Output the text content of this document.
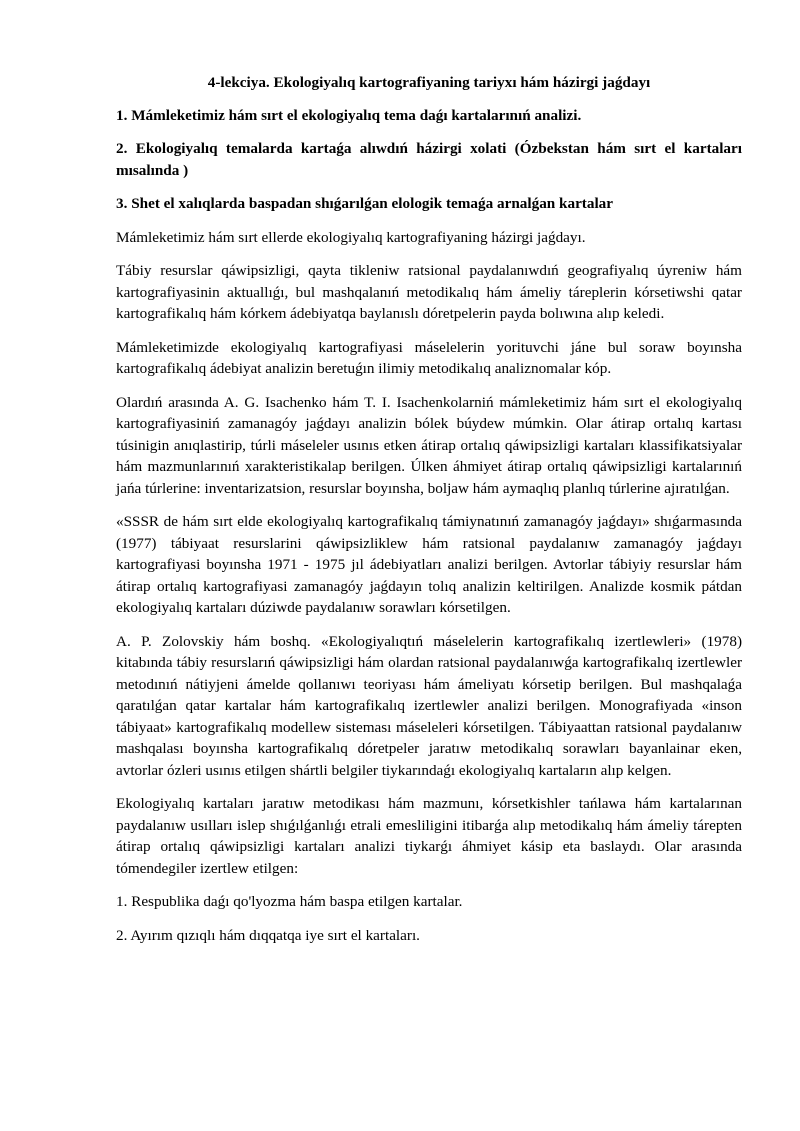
4-lekciya. Ekologiyalıq kartografiyaning tariyxı hám házirgi jaǵdayı
1. Mámleketimiz hám sırt el ekologiyalıq tema daǵı kartalarınıń analizi.
2. Ekologiyalıq temalarda kartaǵa alıwdıń házirgi xolati (Ózbekstan hám sırt el kartaları mısalında )
3. Shet el xalıqlarda baspadan shıǵarılǵan elologik temaǵa arnalǵan kartalar
Mámleketimiz hám sırt ellerde ekologiyalıq kartografiyaning házirgi jaǵdayı.
Tábiy resurslar qáwipsizligi, qayta tikleniw ratsional paydalanıwdıń geografiyalıq úyreniw hám kartografiyasinin aktuallıǵı, bul mashqalanıń metodikalıq hám ámeliy táreplerin kórsetiwshi qatar kartografikalıq hám kórkem ádebiyatqa baylanıslı dóretpelerin payda bolıwına alıp keledi.
Mámleketimizde ekologiyalıq kartografiyasi máselelerin yorituvchi jáne bul soraw boyınsha kartografikalıq ádebiyat analizin beretuǵın ilimiy metodikalıq analiznomalar kóp.
Olardıń arasında A. G. Isachenko hám T. I. Isachenkolarniń mámleketimiz hám sırt el ekologiyalıq kartografiyasiniń zamanagóy jaǵdayı analizin bólek búydew múmkin. Olar átirap ortalıq kartası túsinigin anıqlastirip, túrli máseleler usınıs etken átirap ortalıq qáwipsizligi kartaları klassifikatsiyalar hám mazmunlarınıń xarakteristikalap berilgen. Úlken áhmiyet átirap ortalıq qáwipsizligi kartalarınıń jańa túrlerine: inventarizatsion, resurslar boyınsha, boljaw hám aymaqlıq planlıq túrlerine ajıratılǵan.
«SSSR de hám sırt elde ekologiyalıq kartografikalıq támiynatınıń zamanagóy jaǵdayı» shıǵarmasında (1977) tábiyaat resurslarini qáwipsizliklew hám ratsional paydalanıw zamanagóy jaǵdayı kartografiyasi boyınsha 1971 - 1975 jıl ádebiyatları analizi berilgen. Avtorlar tábiyiy resurslar hám átirap ortalıq kartografiyasi zamanagóy jaǵdayın tolıq analizin keltirilgen. Analizde kosmik pátdan ekologiyalıq kartaları dúziwde paydalanıw sorawları kórsetilgen.
A. P. Zolovskiy hám boshq. «Ekologiyalıqtıń máselelerin kartografikalıq izertlewleri» (1978) kitabında tábiy resurslarıń qáwipsizligi hám olardan ratsional paydalanıwǵa kartografikalıq izertlewler metodınıń nátiyjeni ámelde qollanıwı teoriyası hám ámeliyatı kórsetip berilgen. Bul mashqalaǵa qaratılǵan qatar kartalar hám kartografikalıq izertlewler analizi berilgen. Monografiyada «inson tábiyaat» kartografikalıq modellew sisteması máseleleri kórsetilgen. Tábiyaattan ratsional paydalanıw mashqalası boyınsha kartografikalıq dóretpeler jaratıw metodikalıq sorawları bayanlainar eken, avtorlar ózleri usınıs etilgen shártli belgiler tiykarındaǵı ekologiyalıq kartaların alıp kelgen.
Ekologiyalıq kartaları jaratıw metodikası hám mazmunı, kórsetkishler tańlawa hám kartalarınan paydalanıw usılları islep shıǵılǵanlıǵı etrali emesliligini itibarǵa alıp metodikalıq hám ámeliy tárepten átirap ortalıq qáwipsizligi kartaları analizi tiykarǵı áhmiyet kásip eta baslaydı. Olar arasında tómendegiler izertlew etilgen:
1. Respublika daǵı qo'lyozma hám baspa etilgen kartalar.
2. Ayırım qızıqlı hám dıqqatqa iye sırt el kartaları.
